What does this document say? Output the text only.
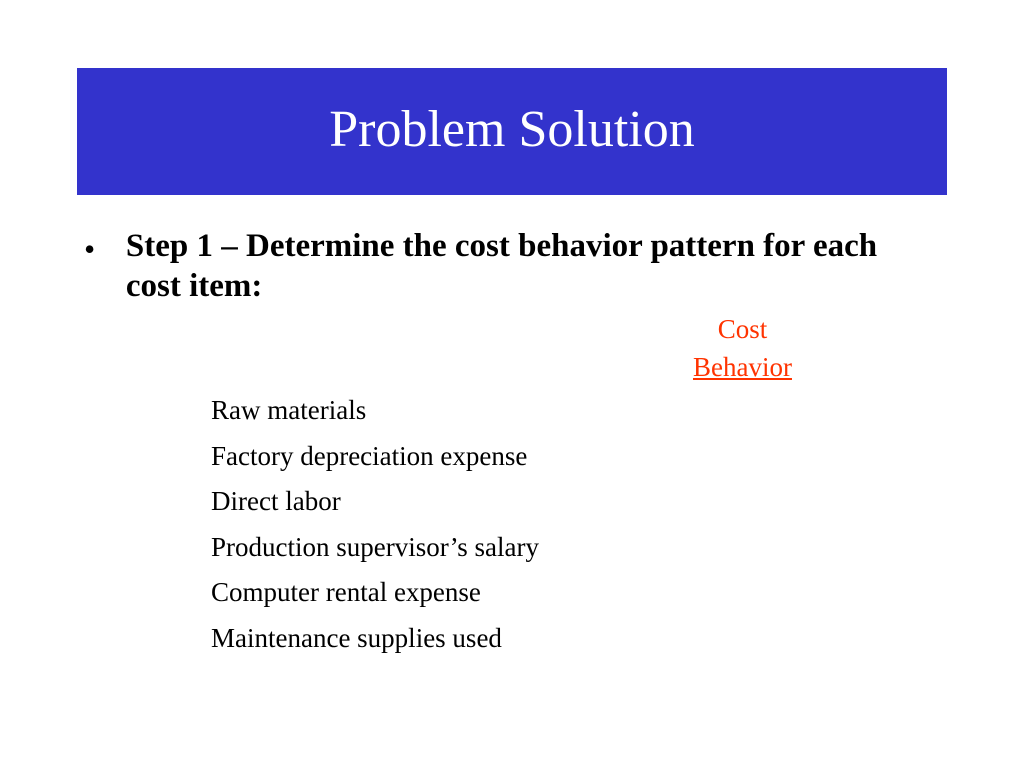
Problem Solution
• Step 1 – Determine the cost behavior pattern for each cost item:
Cost
Behavior
Raw materials
Factory depreciation expense
Direct labor
Production supervisor’s salary
Computer rental expense
Maintenance supplies used
